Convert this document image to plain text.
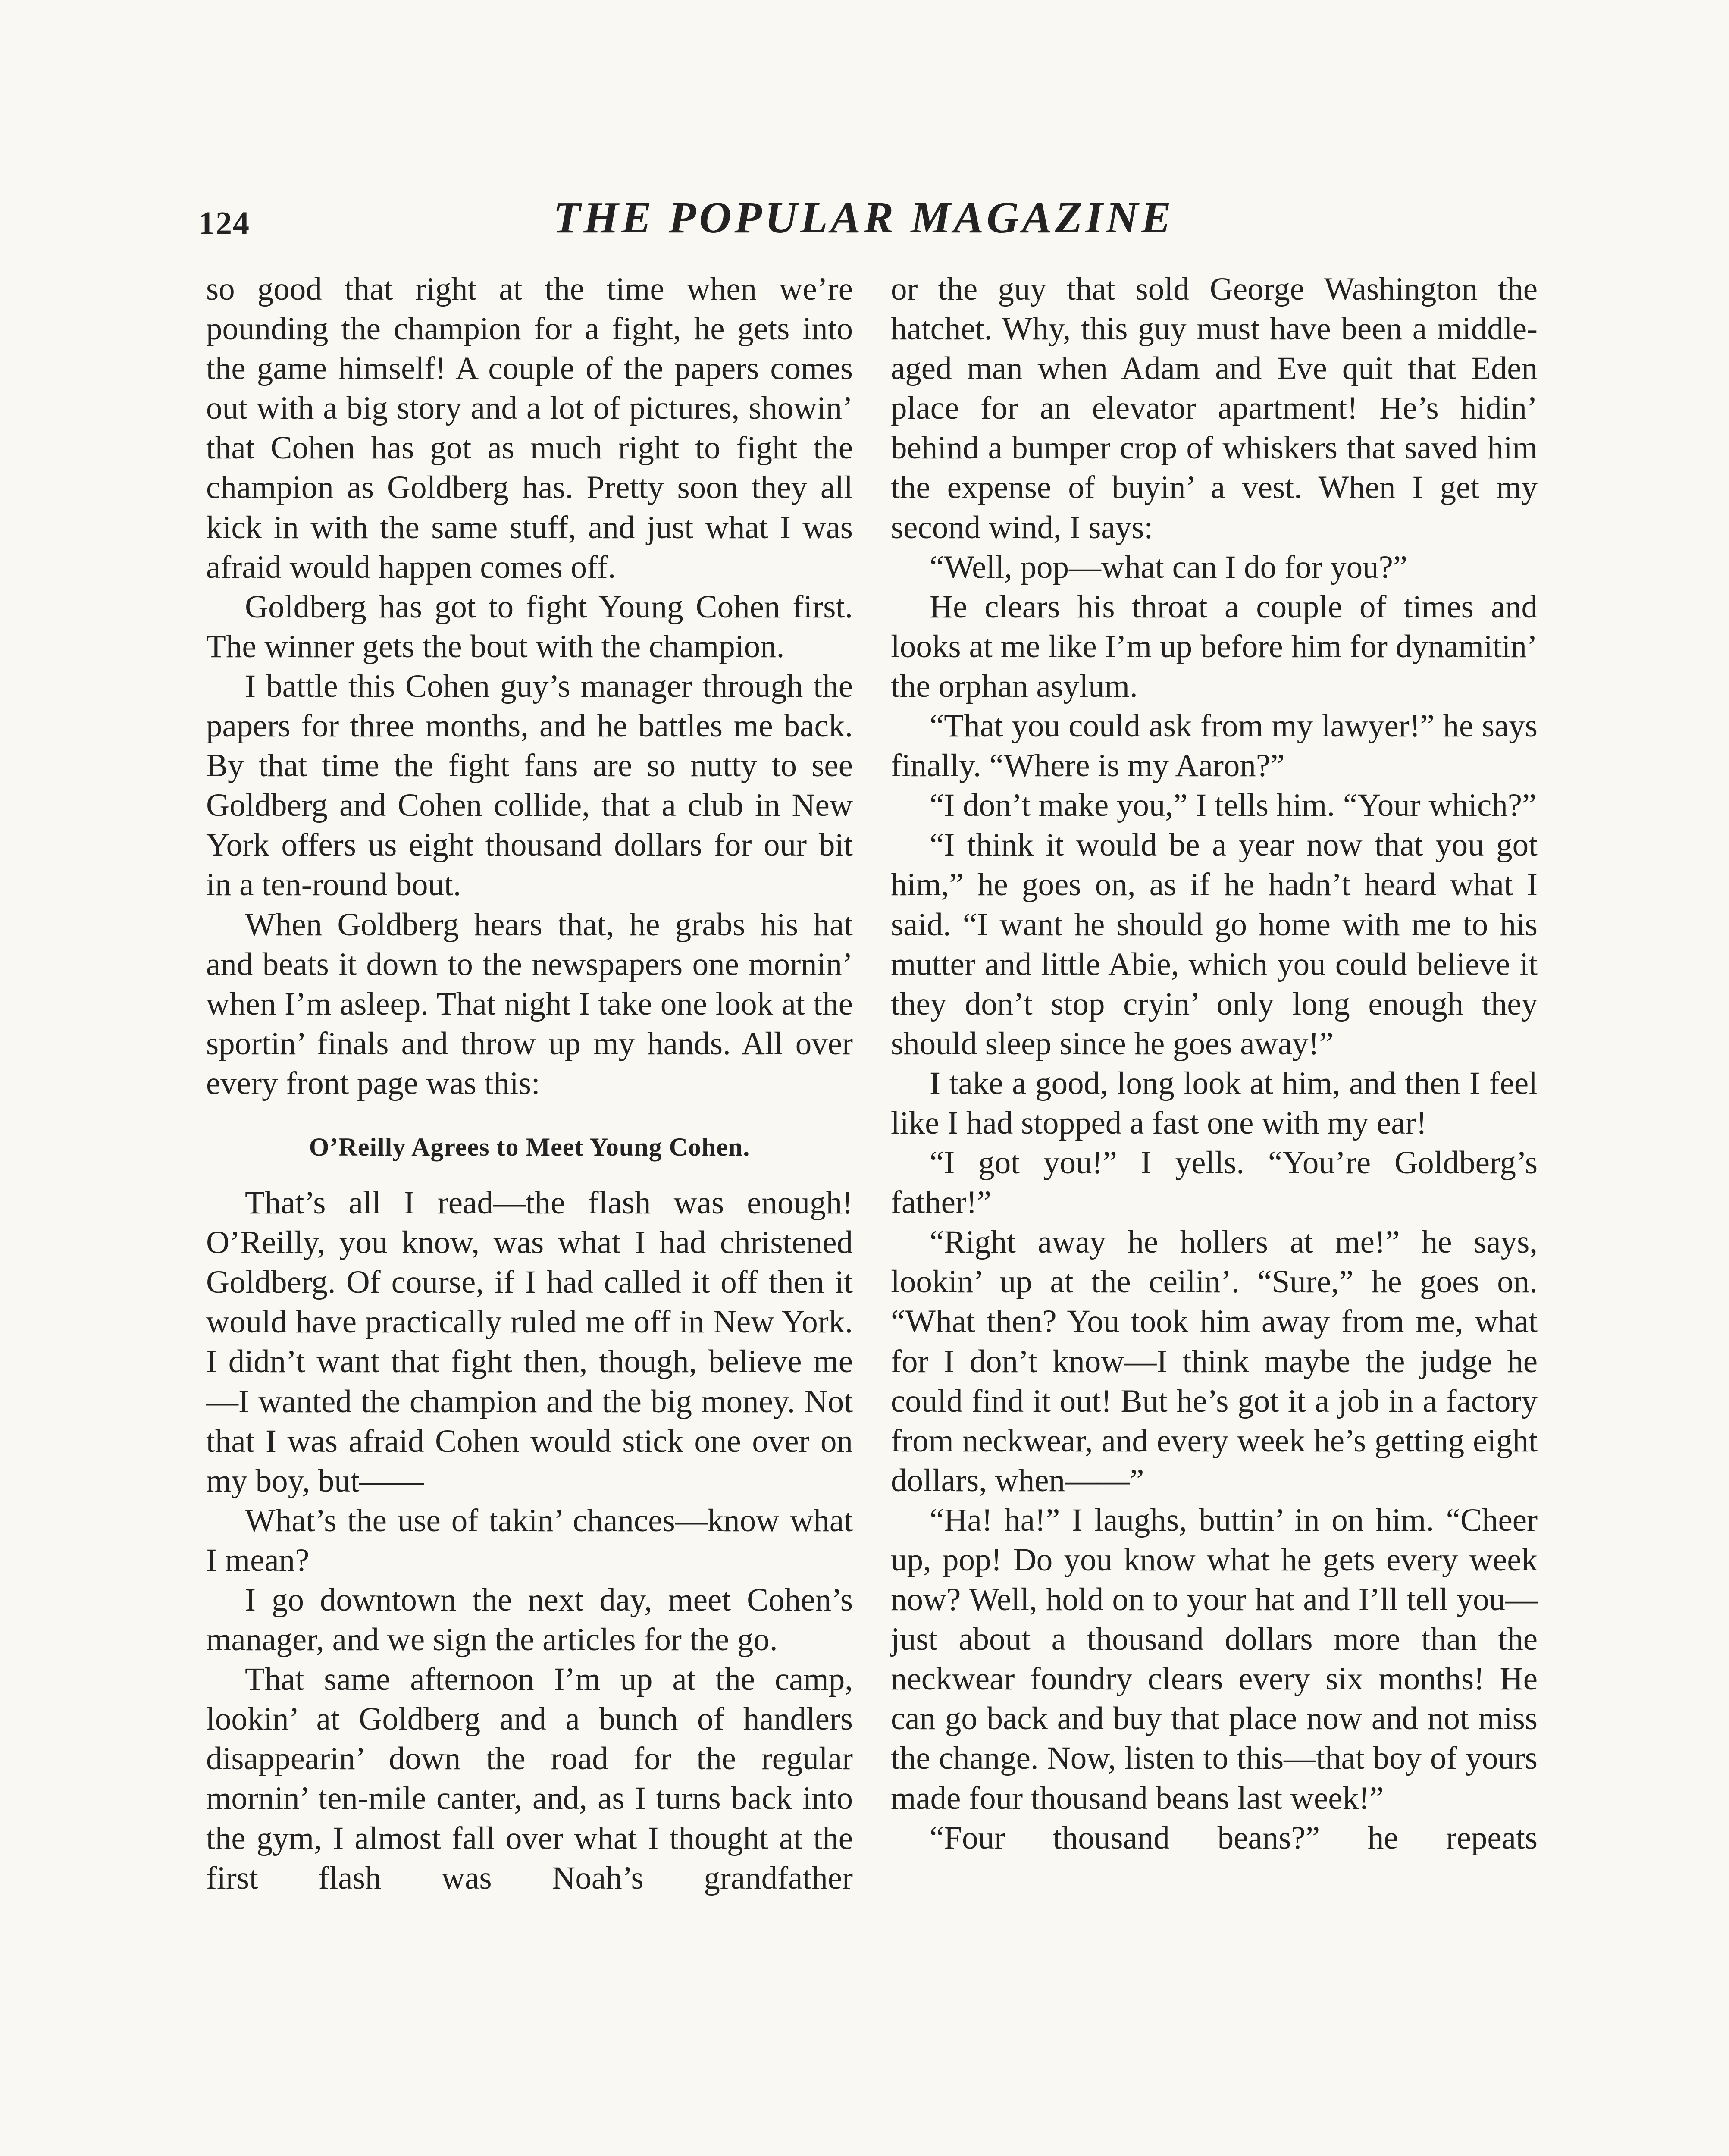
124	THE POPULAR MAGAZINE

so good that right at the time when we’re pounding the champion for a fight, he gets into the game himself! A couple of the papers comes out with a big story and a lot of pictures, showin’ that Cohen has got as much right to fight the champion as Goldberg has. Pretty soon they all kick in with the same stuff, and just what I was afraid would happen comes off.

Goldberg has got to fight Young Cohen first. The winner gets the bout with the champion.

I battle this Cohen guy’s manager through the papers for three months, and he battles me back. By that time the fight fans are so nutty to see Goldberg and Cohen collide, that a club in New York offers us eight thousand dollars for our bit in a ten-round bout.

When Goldberg hears that, he grabs his hat and beats it down to the newspapers one mornin’ when I’m asleep. That night I take one look at the sportin’ finals and throw up my hands. All over every front page was this:

O’Reilly Agrees to Meet Young Cohen.

That’s all I read—the flash was enough! O’Reilly, you know, was what I had christened Goldberg. Of course, if I had called it off then it would have practically ruled me off in New York. I didn’t want that fight then, though, believe me—I wanted the champion and the big money. Not that I was afraid Cohen would stick one over on my boy, but——

What’s the use of takin’ chances—know what I mean?

I go downtown the next day, meet Cohen’s manager, and we sign the articles for the go.

That same afternoon I’m up at the camp, lookin’ at Goldberg and a bunch of handlers disappearin’ down the road for the regular mornin’ ten-mile canter, and, as I turns back into the gym, I almost fall over what I thought at the first flash was Noah’s grandfather

or the guy that sold George Washington the hatchet. Why, this guy must have been a middle-aged man when Adam and Eve quit that Eden place for an elevator apartment! He’s hidin’ behind a bumper crop of whiskers that saved him the expense of buyin’ a vest. When I get my second wind, I says:

“Well, pop—what can I do for you?”

He clears his throat a couple of times and looks at me like I’m up before him for dynamitin’ the orphan asylum.

“That you could ask from my lawyer!” he says finally. “Where is my Aaron?”

“I don’t make you,” I tells him. “Your which?”

“I think it would be a year now that you got him,” he goes on, as if he hadn’t heard what I said. “I want he should go home with me to his mutter and little Abie, which you could believe it they don’t stop cryin’ only long enough they should sleep since he goes away!”

I take a good, long look at him, and then I feel like I had stopped a fast one with my ear!

“I got you!” I yells. “You’re Goldberg’s father!”

“Right away he hollers at me!” he says, lookin’ up at the ceilin’. “Sure,” he goes on. “What then? You took him away from me, what for I don’t know—I think maybe the judge he could find it out! But he’s got it a job in a factory from neckwear, and every week he’s getting eight dollars, when——”

“Ha! ha!” I laughs, buttin’ in on him. “Cheer up, pop! Do you know what he gets every week now? Well, hold on to your hat and I’ll tell you—just about a thousand dollars more than the neckwear foundry clears every six months! He can go back and buy that place now and not miss the change. Now, listen to this—that boy of yours made four thousand beans last week!”

“Four thousand beans?” he repeats
